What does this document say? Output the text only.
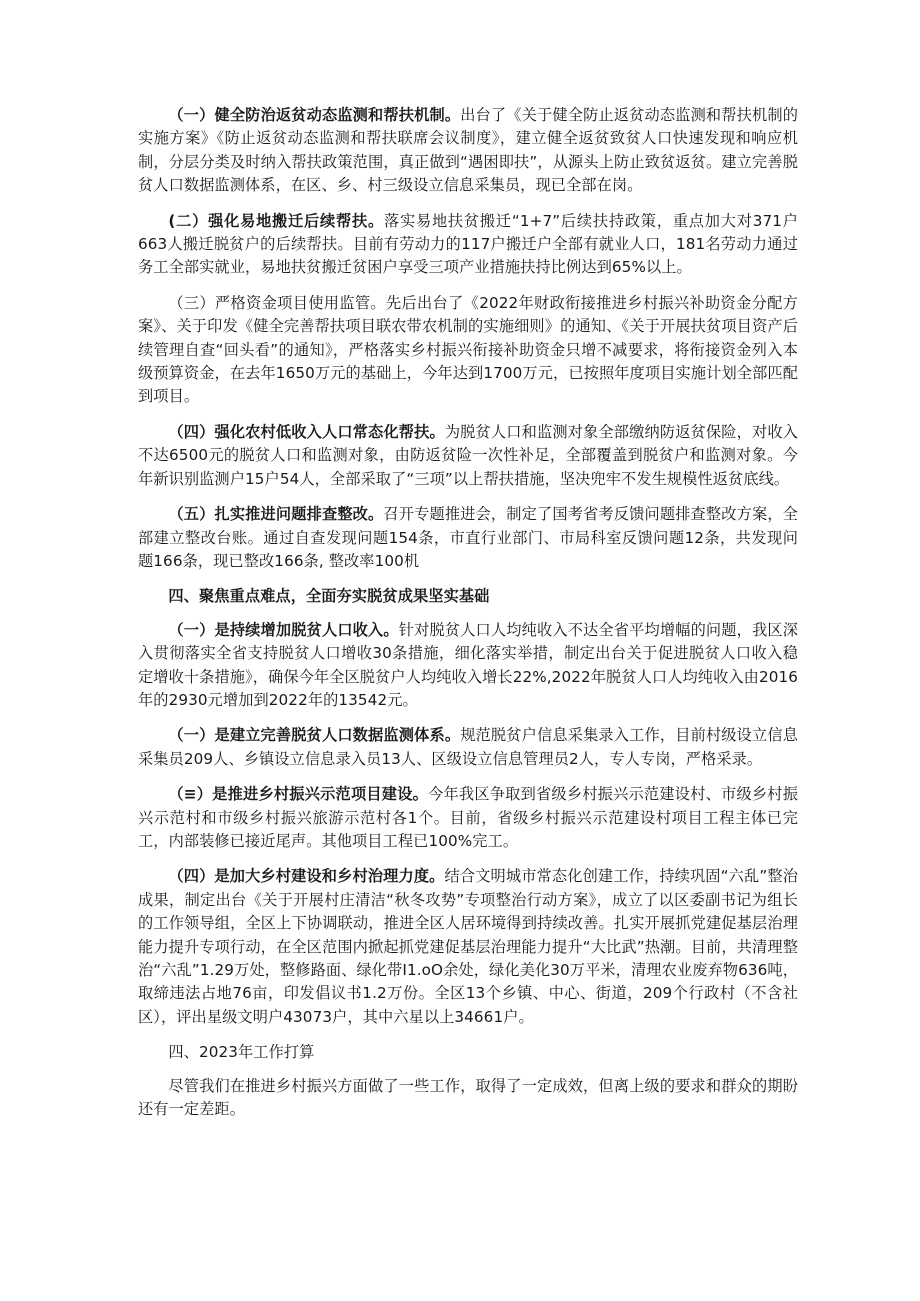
（一）健全防治返贫动态监测和帮扶机制。出台了《关于健全防止返贫动态监测和帮扶机制的实施方案》《防止返贫动态监测和帮扶联席会议制度》，建立健全返贫致贫人口快速发现和响应机制，分层分类及时纳入帮扶政策范围，真正做到“遇困即扶”，从源头上防止致贫返贫。建立完善脱贫人口数据监测体系，在区、乡、村三级设立信息采集员，现已全部在岗。

(二）强化易地搬迁后续帮扶。落实易地扶贫搬迁“1+7”后续扶持政策，重点加大对371户663人搬迁脱贫户的后续帮扶。目前有劳动力的117户搬迁户全部有就业人口，181名劳动力通过务工全部实就业，易地扶贫搬迁贫困户享受三项产业措施扶持比例达到65%以上。

（三）严格资金项目使用监管。先后出台了《2022年财政衔接推进乡村振兴补助资金分配方案》、关于印发《健全完善帮扶项目联农带农机制的实施细则》的通知、《关于开展扶贫项目资产后续管理自查“回头看”的通知》，严格落实乡村振兴衔接补助资金只增不减要求，将衔接资金列入本级预算资金，在去年1650万元的基础上，今年达到1700万元，已按照年度项目实施计划全部匹配到项目。

（四）强化农村低收入人口常态化帮扶。为脱贫人口和监测对象全部缴纳防返贫保险，对收入不达6500元的脱贫人口和监测对象，由防返贫险一次性补足，全部覆盖到脱贫户和监测对象。今年新识别监测户15户54人，全部采取了“三项”以上帮扶措施，坚决兜牢不发生规模性返贫底线。

（五）扎实推进问题排查整改。召开专题推进会，制定了国考省考反馈问题排查整改方案，全部建立整改台账。通过自查发现问题154条，市直行业部门、市局科室反馈问题12条，共发现问题166条，现已整改166条, 整改率100机

四、聚焦重点难点，全面夯实脱贫成果坚实基础

（一）是持续增加脱贫人口收入。针对脱贫人口人均纯收入不达全省平均增幅的问题，我区深入贯彻落实全省支持脱贫人口增收30条措施，细化落实举措，制定出台关于促进脱贫人口收入稳定增收十条措施》，确保今年全区脱贫户人均纯收入增长22%,2022年脱贫人口人均纯收入由2016年的2930元增加到2022年的13542元。

（一）是建立完善脱贫人口数据监测体系。规范脱贫户信息采集录入工作，目前村级设立信息采集员209人、乡镇设立信息录入员13人、区级设立信息管理员2人，专人专岗，严格采录。

（≡）是推进乡村振兴示范项目建设。今年我区争取到省级乡村振兴示范建设村、市级乡村振兴示范村和市级乡村振兴旅游示范村各1个。目前，省级乡村振兴示范建设村项目工程主体已完工，内部装修已接近尾声。其他项目工程已100%完工。

（四）是加大乡村建设和乡村治理力度。结合文明城市常态化创建工作，持续巩固“六乱”整治成果，制定出台《关于开展村庄清洁“秋冬攻势”专项整治行动方案》，成立了以区委副书记为组长的工作领导组，全区上下协调联动，推进全区人居环境得到持续改善。扎实开展抓党建促基层治理能力提升专项行动，在全区范围内掀起抓党建促基层治理能力提升“大比武”热潮。目前，共清理整治“六乱”1.29万处，整修路面、绿化带I1.oO余处，绿化美化30万平米，清理农业废弃物636吨，取缔违法占地76亩，印发倡议书1.2万份。全区13个乡镇、中心、街道，209个行政村（不含社区），评出星级文明户43073户，其中六星以上34661户。

四、2023年工作打算

尽管我们在推进乡村振兴方面做了一些工作，取得了一定成效，但离上级的要求和群众的期盼还有一定差距。
